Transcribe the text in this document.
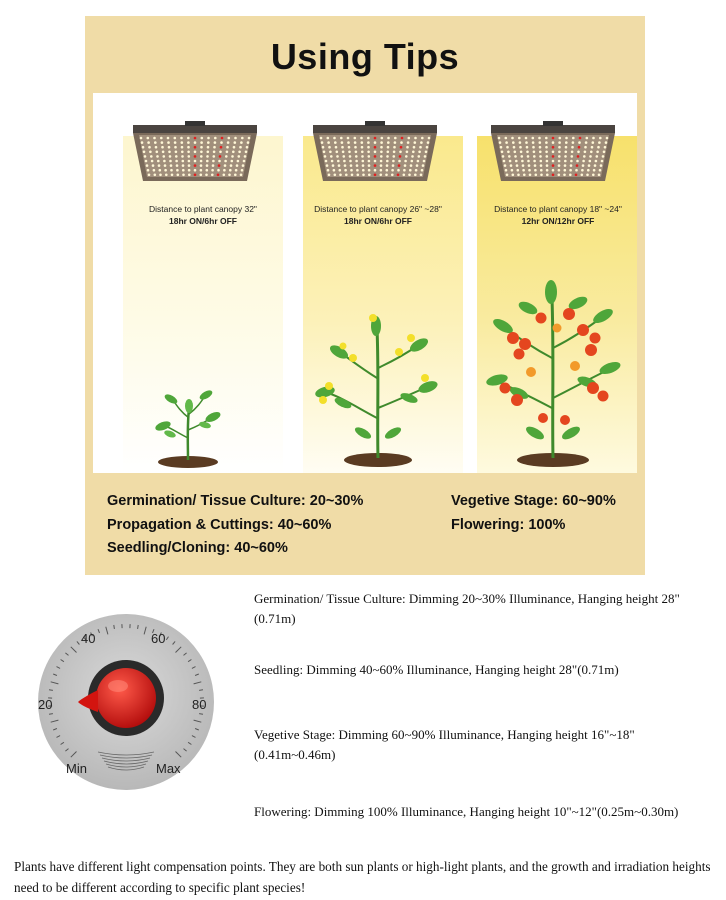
Using Tips
Distance to plant canopy 32"
18hr ON/6hr OFF
Distance to plant canopy 26" ~28"
18hr ON/6hr OFF
Distance to plant canopy 18" ~24"
12hr ON/12hr OFF
Germination/ Tissue Culture: 20~30%
Propagation & Cuttings: 40~60%
Seedling/Cloning: 40~60%
Vegetive Stage: 60~90%
Flowering: 100%
40	60
20	80
Min	Max
Germination/ Tissue Culture: Dimming 20~30% Illuminance, Hanging height 28"(0.71m)
Seedling: Dimming 40~60% Illuminance, Hanging height 28"(0.71m)
Vegetive Stage: Dimming 60~90% Illuminance, Hanging height 16"~18"(0.41m~0.46m)
Flowering: Dimming 100% Illuminance, Hanging height 10"~12"(0.25m~0.30m)
Plants have different light compensation points. They are both sun plants or high-light plants, and the growth and irradiation heights need to be different according to specific plant species!
